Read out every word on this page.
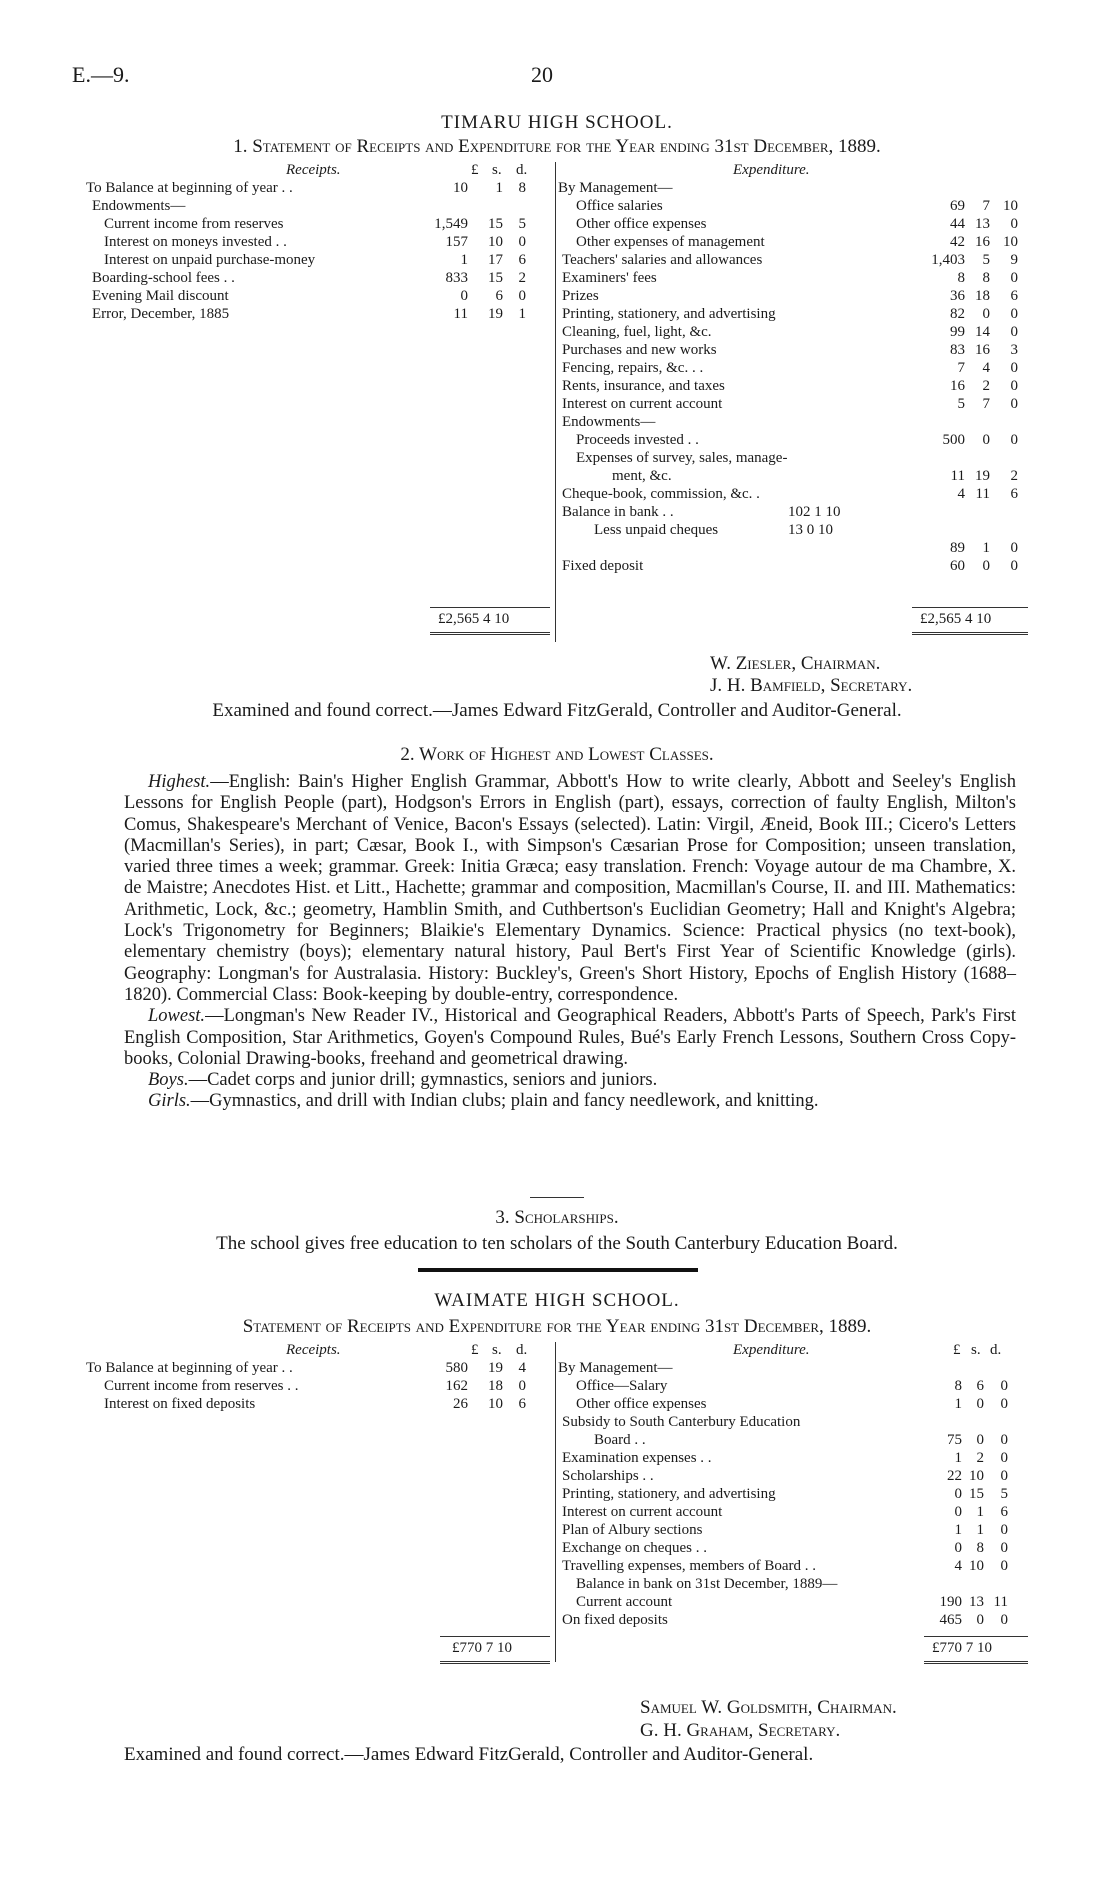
E.—9.	20
TIMARU HIGH SCHOOL.
1. Statement of Receipts and Expenditure for the Year ending 31st December, 1889.
Receipts.	£ s. d.
To Balance at beginning of year . .	10	1	8
Endowments—
Current income from reserves	1,549	15	5
Interest on moneys invested . .	157	10	0
Interest on unpaid purchase-money	1	17	6
Boarding-school fees . .	833	15	2
Evening Mail discount	0	6	0
Error, December, 1885	11	19	1
Expenditure.
By Management—
Office salaries	69	7 10
Other office expenses	44 13	0
Other expenses of management	42 16 10
Teachers' salaries and allowances	1,403	5	9
Examiners' fees	8	8	0
Prizes	36 18	6
Printing, stationery, and advertising	82	0	0
Cleaning, fuel, light, &c.	99 14	0
Purchases and new works	83 16	3
Fencing, repairs, &c. . .	7	4	0
Rents, insurance, and taxes	16	2	0
Interest on current account	5	7	0
Endowments—
Proceeds invested . .	500	0	0
Expenses of survey, sales, manage-
ment, &c.	11 19	2
Cheque-book, commission, &c. .	4 11	6
Balance in bank . .	102 1 10
Less unpaid cheques	13 0 10
89	1	0
Fixed deposit	60	0	0
£2,565 4 10	£2,565 4 10
W. Ziesler, Chairman.
J. H. Bamfield, Secretary.
Examined and found correct.—James Edward FitzGerald, Controller and Auditor-General.
2. Work of Highest and Lowest Classes.

Highest.—English: Bain's Higher English Grammar, Abbott's How to write clearly, Abbott and Seeley's English Lessons for English People (part), Hodgson's Errors in English (part), essays, correction of faulty English, Milton's Comus, Shakespeare's Merchant of Venice, Bacon's Essays (selected). Latin: Virgil, Æneid, Book III.; Cicero's Letters (Macmillan's Series), in part; Cæsar, Book I., with Simpson's Cæsarian Prose for Composition; unseen translation, varied three times a week; grammar. Greek: Initia Græca; easy translation. French: Voyage autour de ma Chambre, X. de Maistre; Anecdotes Hist. et Litt., Hachette; grammar and composition, Macmillan's Course, II. and III. Mathematics: Arithmetic, Lock, &c.; geometry, Hamblin Smith, and Cuthbertson's Euclidian Geometry; Hall and Knight's Algebra; Lock's Trigonometry for Beginners; Blaikie's Elementary Dynamics. Science: Practical physics (no text-book), elementary chemistry (boys); elementary natural history, Paul Bert's First Year of Scientific Knowledge (girls). Geography: Longman's for Australasia. History: Buckley's, Green's Short History, Epochs of English History (1688–1820). Commercial Class: Book-keeping by double-entry, correspondence.

Lowest.—Longman's New Reader IV., Historical and Geographical Readers, Abbott's Parts of Speech, Park's First English Composition, Star Arithmetics, Goyen's Compound Rules, Bué's Early French Lessons, Southern Cross Copy-books, Colonial Drawing-books, freehand and geometrical drawing.

Boys.—Cadet corps and junior drill; gymnastics, seniors and juniors.

Girls.—Gymnastics, and drill with Indian clubs; plain and fancy needlework, and knitting.

3. Scholarships.
The school gives free education to ten scholars of the South Canterbury Education Board.
WAIMATE HIGH SCHOOL.
Statement of Receipts and Expenditure for the Year ending 31st December, 1889.
Receipts.	£ s. d.
To Balance at beginning of year . .	580	19	4
Current income from reserves . .	162	18	0
Interest on fixed deposits	26	10	6
Expenditure.	£ s. d.
By Management—
Office—Salary	8 6	0
Other office expenses	1 0	0
Subsidy to South Canterbury Education
Board . .	75 0	0
Examination expenses . .	1 2	0
Scholarships . .	22 10	0
Printing, stationery, and advertising	0 15	5
Interest on current account	0 1	6
Plan of Albury sections	1 1	0
Exchange on cheques . .	0 8	0
Travelling expenses, members of Board . .	4 10	0
Balance in bank on 31st December, 1889—
Current account	190 13 11
On fixed deposits	465 0	0
£770 7 10	£770 7 10
Samuel W. Goldsmith, Chairman.
G. H. Graham, Secretary.
Examined and found correct.—James Edward FitzGerald, Controller and Auditor-General.
